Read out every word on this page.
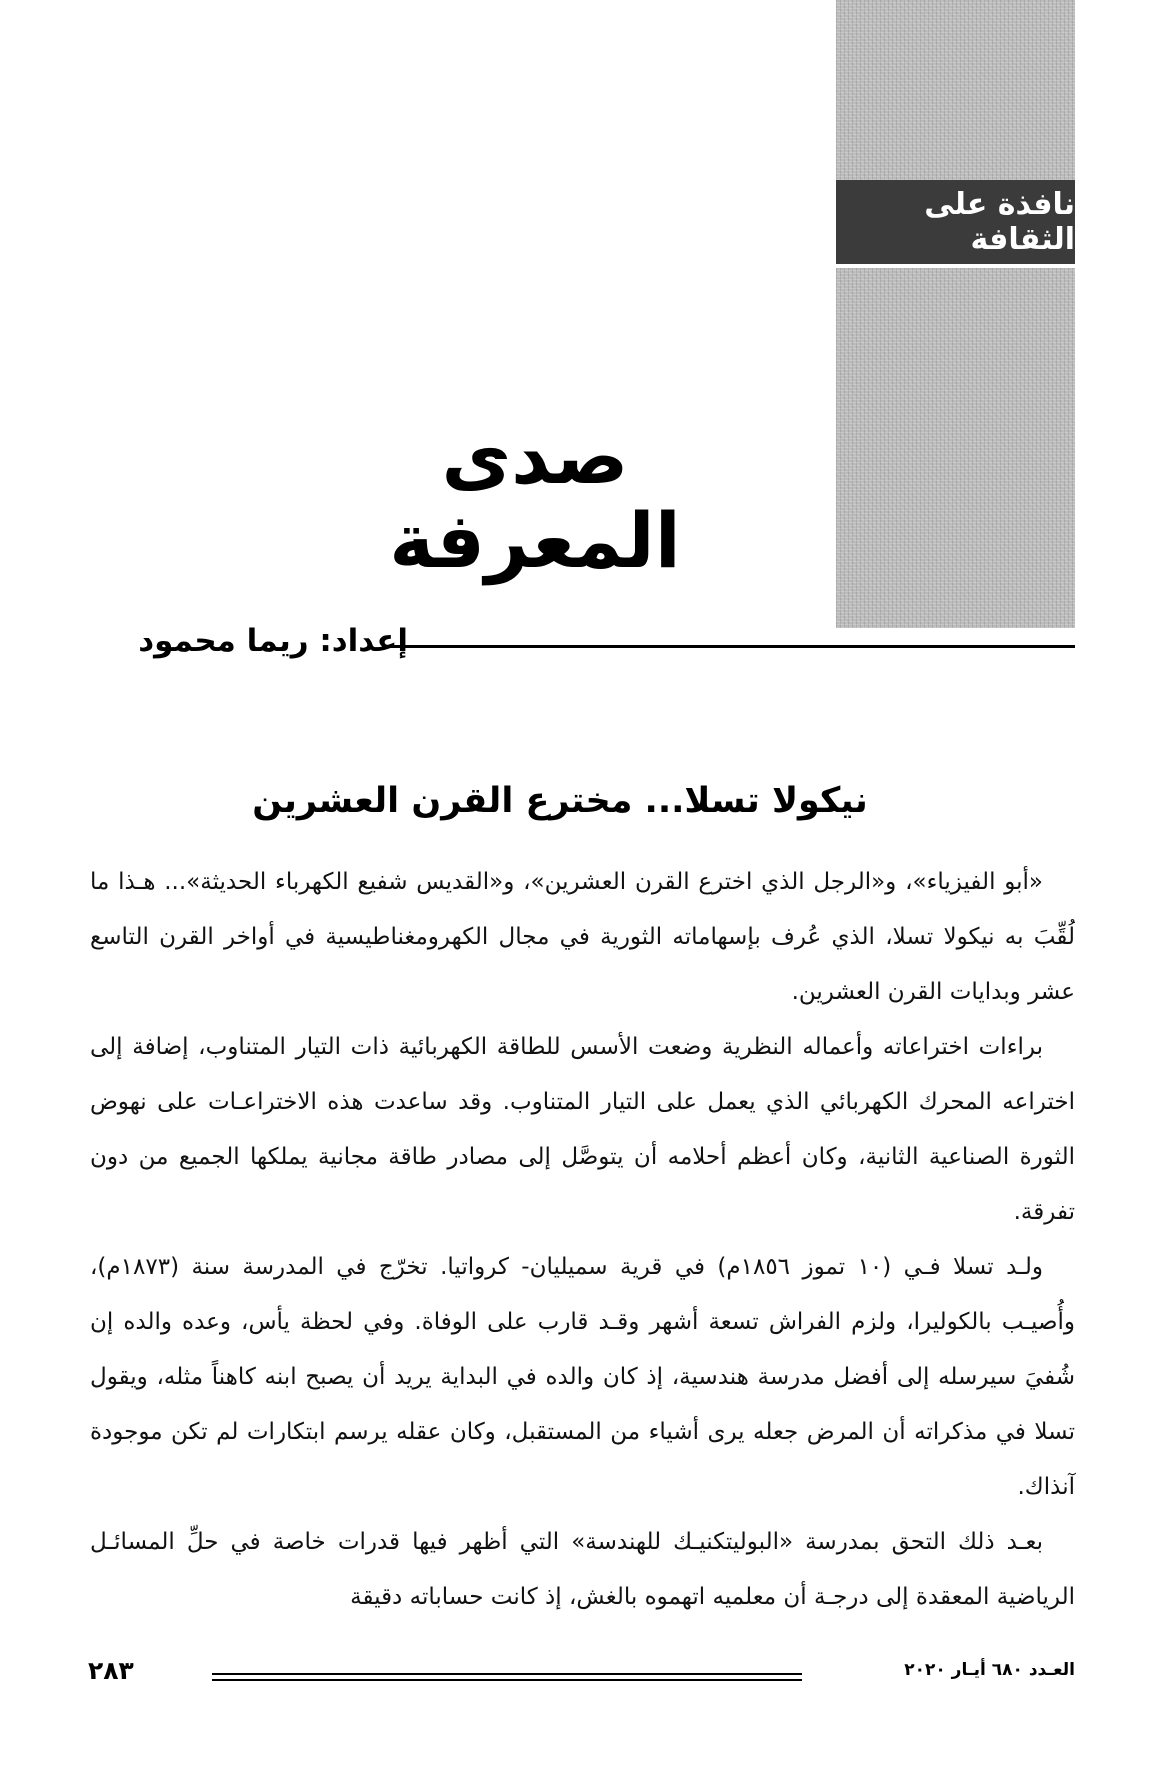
نافذة على الثقافة
صدى المعرفة
إعداد: ريما محمود
نيكولا تسلا... مخترع القرن العشرين

«أبو الفيزياء»، و«الرجل الذي اخترع القرن العشرين»، و«القديس شفيع الكهرباء الحديثة»... هـذا ما لُقِّبَ به نيكولا تسلا، الذي عُرف بإسهاماته الثورية في مجال الكهرومغناطيسية في أواخر القرن التاسع عشر وبدايات القرن العشرين.

براءات اختراعاته وأعماله النظرية وضعت الأسس للطاقة الكهربائية ذات التيار المتناوب، إضافة إلى اختراعه المحرك الكهربائي الذي يعمل على التيار المتناوب. وقد ساعدت هذه الاختراعـات على نهوض الثورة الصناعية الثانية، وكان أعظم أحلامه أن يتوصَّل إلى مصادر طاقة مجانية يملكها الجميع من دون تفرقة.

ولـد تسلا فـي (١٠ تموز ١٨٥٦م) في قرية سميليان- كرواتيا. تخرّج في المدرسة سنة (١٨٧٣م)، وأُصيـب بالكوليرا، ولزم الفراش تسعة أشهر وقـد قارب على الوفاة. وفي لحظة يأس، وعده والده إن شُفيَ سيرسله إلى أفضل مدرسة هندسية، إذ كان والده في البداية يريد أن يصبح ابنه كاهناً مثله، ويقول تسلا في مذكراته أن المرض جعله يرى أشياء من المستقبل، وكان عقله يرسم ابتكارات لم تكن موجودة آنذاك.

بعـد ذلك التحق بمدرسة «البوليتكنيـك للهندسة» التي أظهر فيها قدرات خاصة في حلِّ المسائـل الرياضية المعقدة إلى درجـة أن معلميه اتهموه بالغش، إذ كانت حساباته دقيقة

٢٨٣	العـدد ٦٨٠ أيـار ٢٠٢٠
